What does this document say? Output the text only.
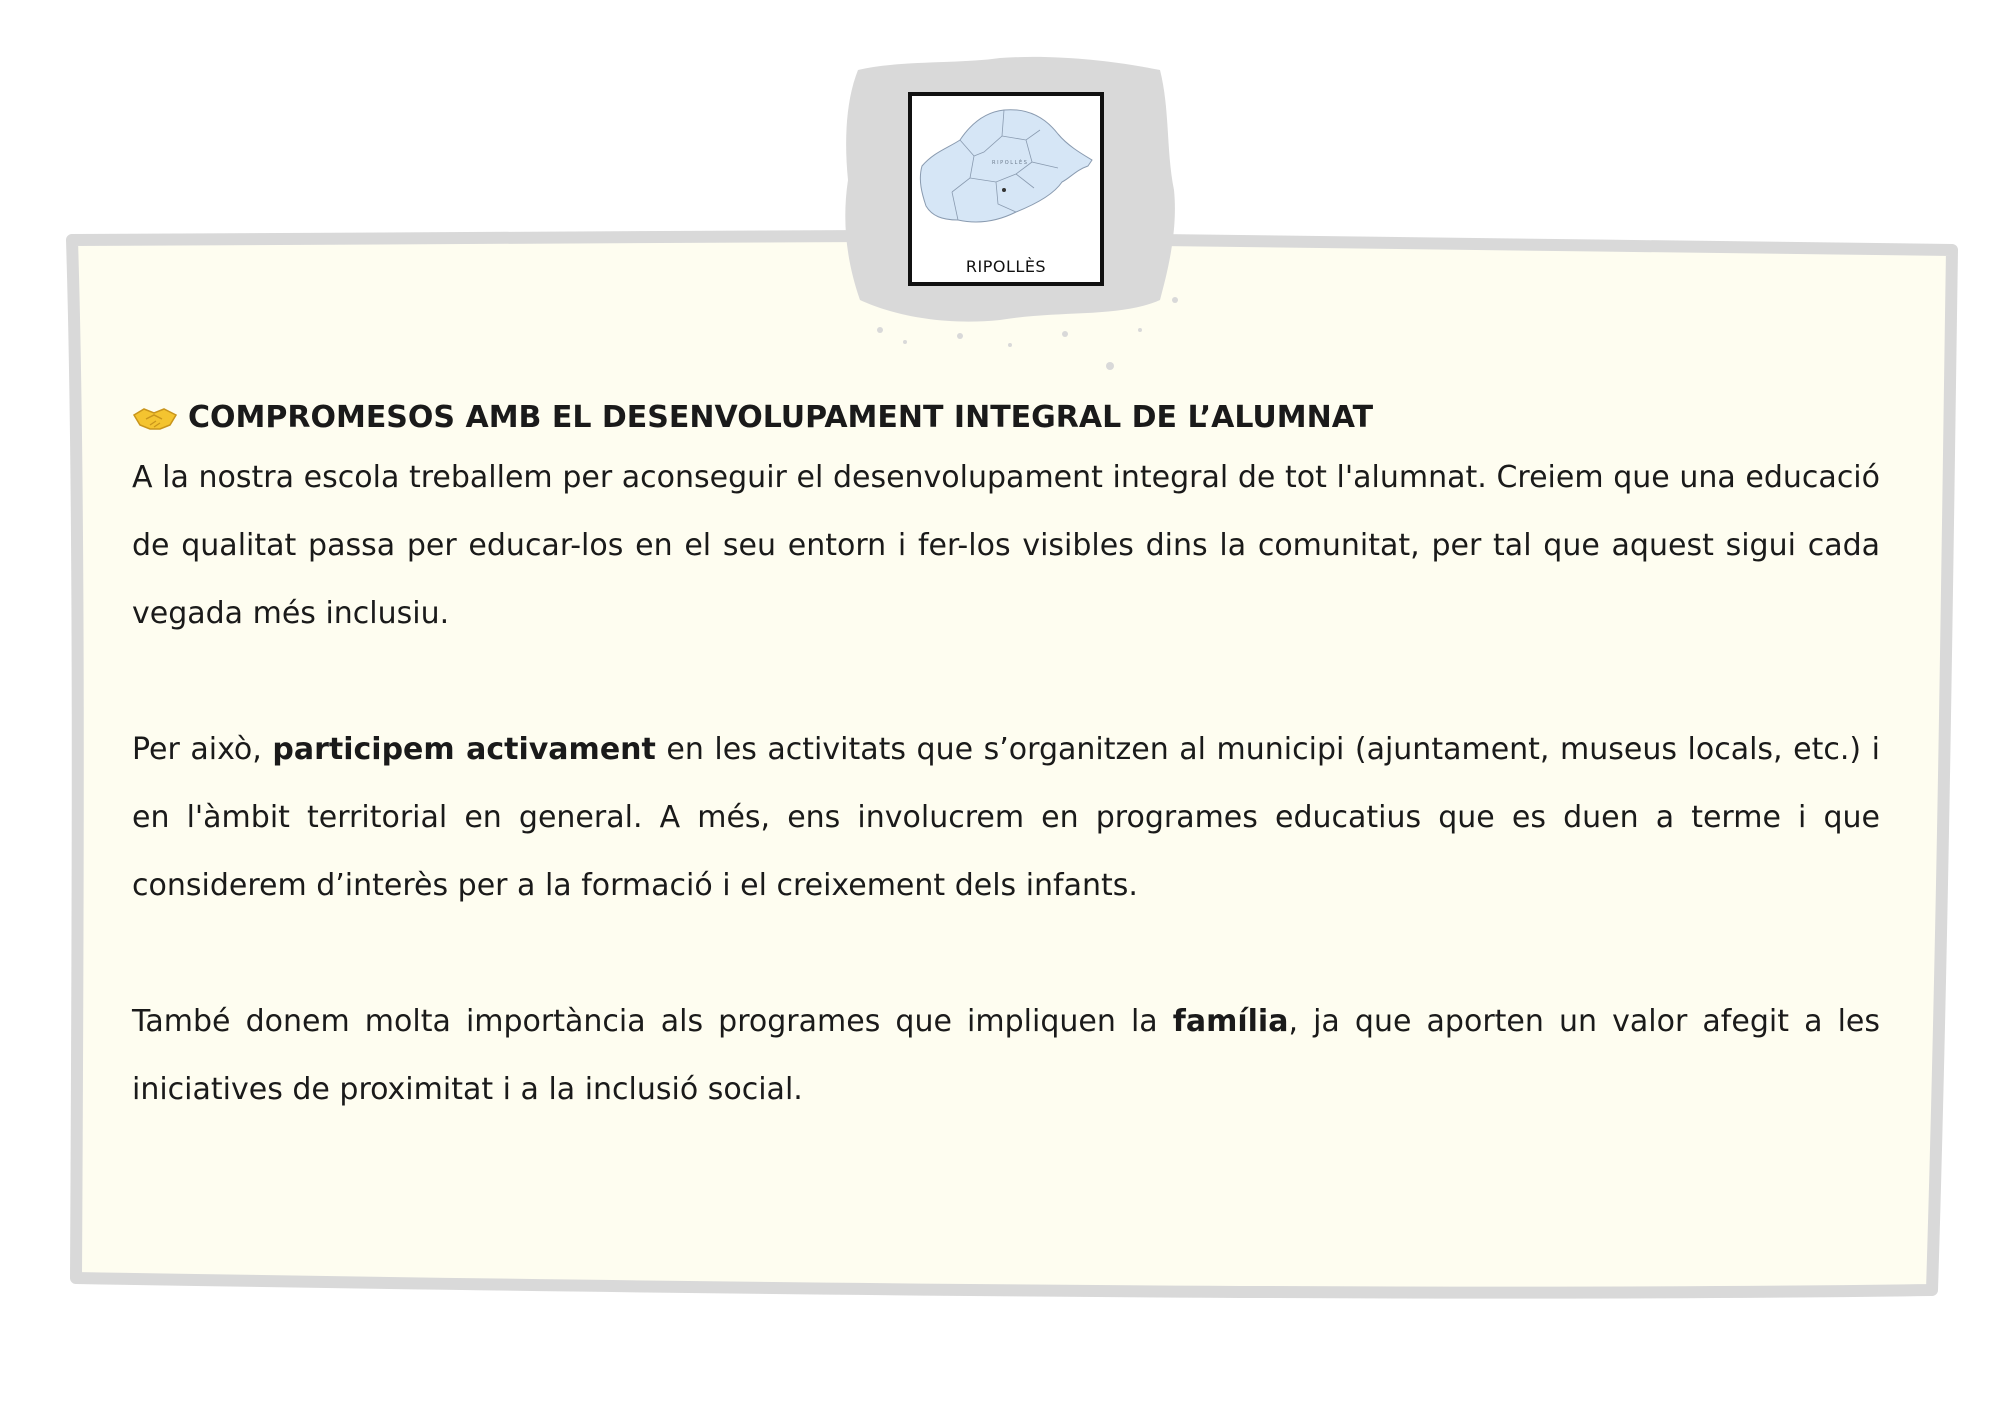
R I P O L L È S
RIPOLLÈS
COMPROMESOS AMB EL DESENVOLUPAMENT INTEGRAL DE L’ALUMNAT

A la nostra escola treballem per aconseguir el desenvolupament integral de tot l'alumnat. Creiem que una educació de qualitat passa per educar-los en el seu entorn i fer-los visibles dins la comunitat, per tal que aquest sigui cada vegada més inclusiu.

Per això, participem activament en les activitats que s’organitzen al municipi (ajuntament, museus locals, etc.) i en l'àmbit territorial en general. A més, ens involucrem en programes educatius que es duen a terme i que considerem d’interès per a la formació i el creixement dels infants.

També donem molta importància als programes que impliquen la família, ja que aporten un valor afegit a les iniciatives de proximitat i a la inclusió social.
